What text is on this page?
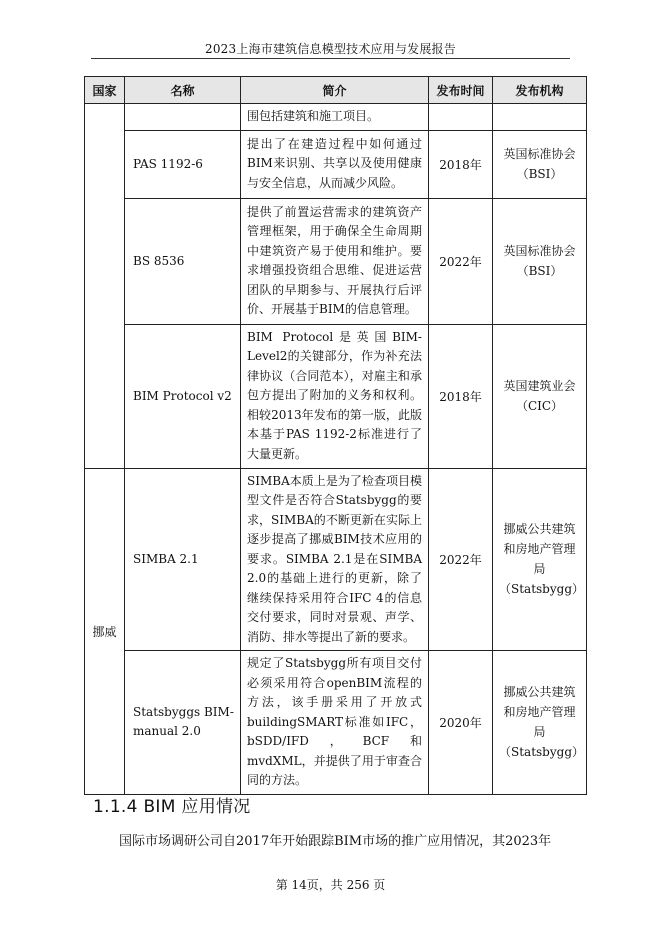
2023上海市建筑信息模型技术应用与发展报告
国家	名称	简介	发布时间	发布机构
		围包括建筑和施工项目。		
	PAS 1192-6	提出了在建造过程中如何通过BIM来识别、共享以及使用健康与安全信息，从而减少风险。	2018年	英国标准协会（BSI）
	BS 8536	提供了前置运营需求的建筑资产管理框架，用于确保全生命周期中建筑资产易于使用和维护。要求增强投资组合思维、促进运营团队的早期参与、开展执行后评价、开展基于BIM的信息管理。	2022年	英国标准协会（BSI）
	BIM Protocol v2	BIM Protocol是英国BIM-Level2的关键部分，作为补充法律协议（合同范本），对雇主和承包方提出了附加的义务和权利。相较2013年发布的第一版，此版本基于PAS 1192-2标准进行了大量更新。	2018年	英国建筑业会（CIC）
挪威	SIMBA 2.1	SIMBA本质上是为了检查项目模型文件是否符合Statsbygg的要求，SIMBA的不断更新在实际上逐步提高了挪威BIM技术应用的要求。SIMBA 2.1是在SIMBA 2.0的基础上进行的更新，除了继续保持采用符合IFC 4的信息交付要求，同时对景观、声学、消防、排水等提出了新的要求。	2022年	挪威公共建筑和房地产管理局（Statsbygg）
	Statsbyggs BIM-manual 2.0	规定了Statsbygg所有项目交付必须采用符合openBIM流程的方法，该手册采用了开放式buildingSMART标准如IFC，bSDD/IFD，BCF和mvdXML，并提供了用于审查合同的方法。	2020年	挪威公共建筑和房地产管理局（Statsbygg）
1.1.4 BIM 应用情况
国际市场调研公司自2017年开始跟踪BIM市场的推广应用情况，其2023年
第 14页，共 256 页
